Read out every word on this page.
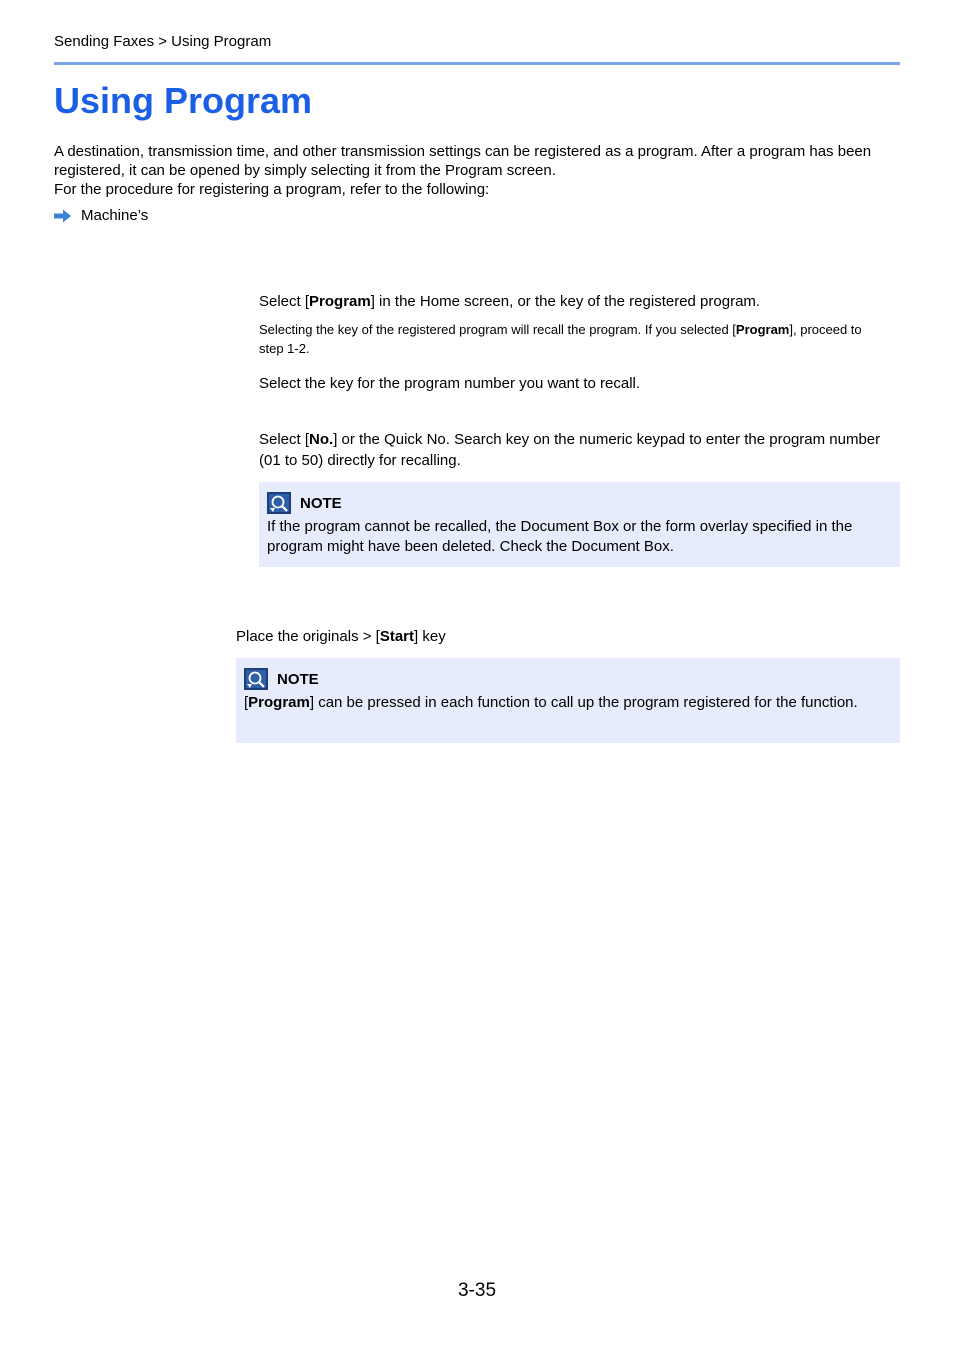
Sending Faxes > Using Program
Using Program

A destination, transmission time, and other transmission settings can be registered as a program. After a program has been registered, it can be opened by simply selecting it from the Program screen.

For the procedure for registering a program, refer to the following:

Machine’s

Select [Program] in the Home screen, or the key of the registered program.

Selecting the key of the registered program will recall the program. If you selected [Program], proceed to step 1-2.

Select the key for the program number you want to recall.

Select [No.] or the Quick No. Search key on the numeric keypad to enter the program number (01 to 50) directly for recalling.

NOTE

If the program cannot be recalled, the Document Box or the form overlay specified in the program might have been deleted. Check the Document Box.

Place the originals > [Start] key

NOTE

[Program] can be pressed in each function to call up the program registered for the function.

3-35
